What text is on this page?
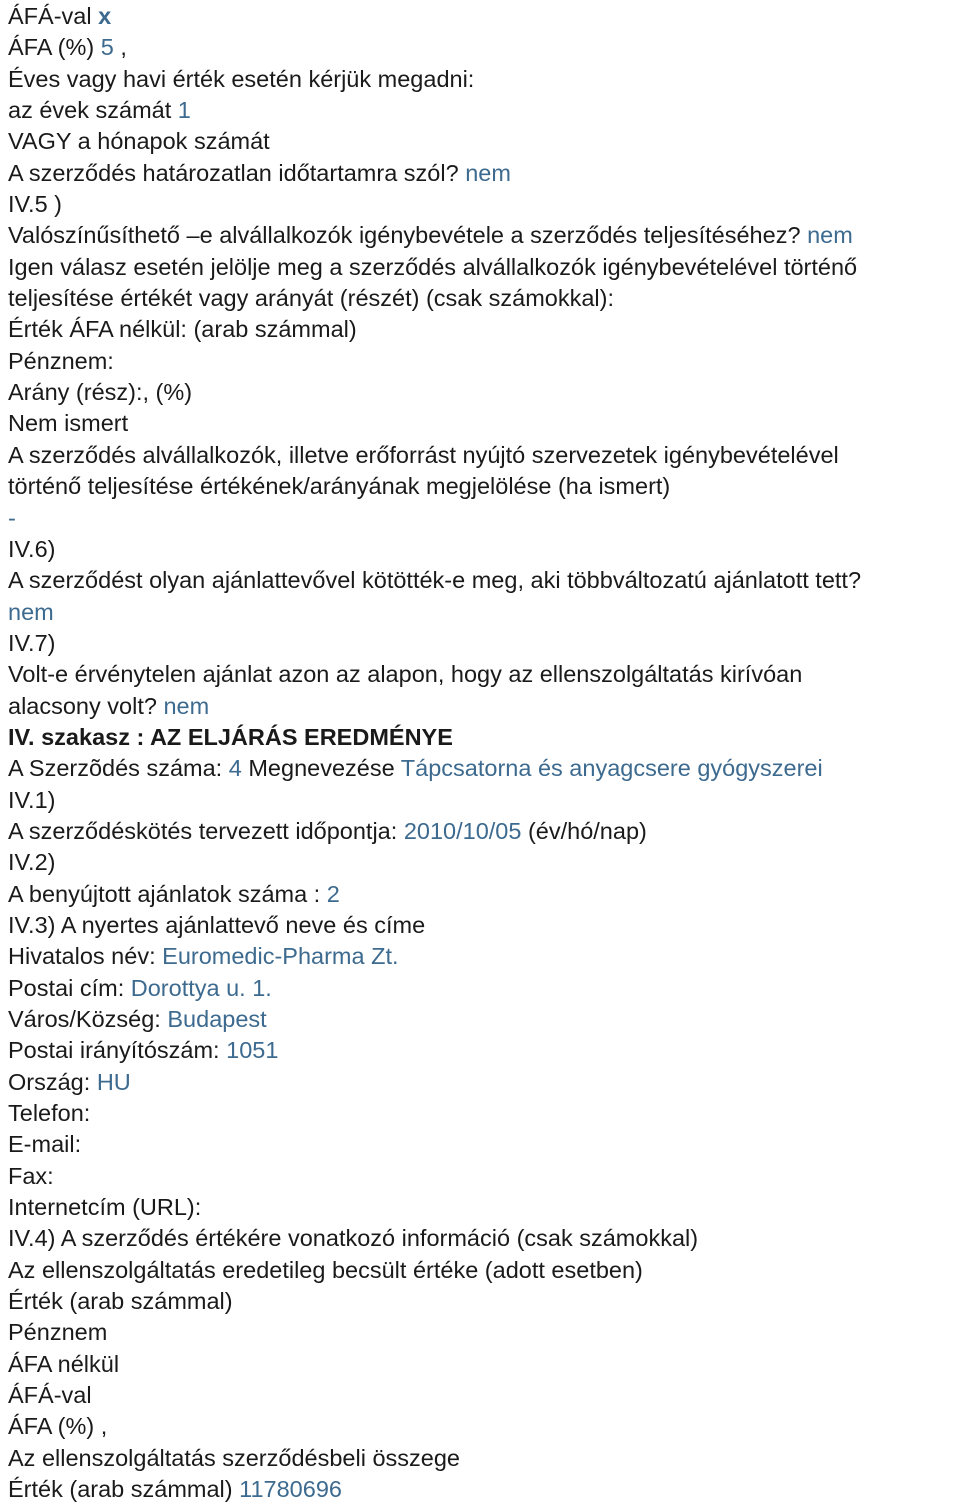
ÁFÁ-val x
ÁFA (%) 5 ,
Éves vagy havi érték esetén kérjük megadni:
az évek számát 1
VAGY a hónapok számát
A szerződés határozatlan időtartamra szól? nem
IV.5 )
Valószínűsíthető –e alvállalkozók igénybevétele a szerződés teljesítéséhez? nem
Igen válasz esetén jelölje meg a szerződés alvállalkozók igénybevételével történő
teljesítése értékét vagy arányát (részét) (csak számokkal):
Érték ÁFA nélkül: (arab számmal)
Pénznem:
Arány (rész):, (%)
Nem ismert
A szerződés alvállalkozók, illetve erőforrást nyújtó szervezetek igénybevételével
történő teljesítése értékének/arányának megjelölése (ha ismert)
-
IV.6)
A szerződést olyan ajánlattevővel kötötték-e meg, aki többváltozatú ajánlatott tett?
nem
IV.7)
Volt-e érvénytelen ajánlat azon az alapon, hogy az ellenszolgáltatás kirívóan
alacsony volt? nem
IV. szakasz : AZ ELJÁRÁS EREDMÉNYE
A Szerzõdés száma: 4 Megnevezése Tápcsatorna és anyagcsere gyógyszerei
IV.1)
A szerződéskötés tervezett időpontja: 2010/10/05 (év/hó/nap)
IV.2)
A benyújtott ajánlatok száma : 2
IV.3) A nyertes ajánlattevő neve és címe
Hivatalos név: Euromedic-Pharma Zt.
Postai cím: Dorottya u. 1.
Város/Község: Budapest
Postai irányítószám: 1051
Ország: HU
Telefon:
E-mail:
Fax:
Internetcím (URL):
IV.4) A szerződés értékére vonatkozó információ (csak számokkal)
Az ellenszolgáltatás eredetileg becsült értéke (adott esetben)
Érték (arab számmal)
Pénznem
ÁFA nélkül
ÁFÁ-val
ÁFA (%) ,
Az ellenszolgáltatás szerződésbeli összege
Érték (arab számmal) 11780696
